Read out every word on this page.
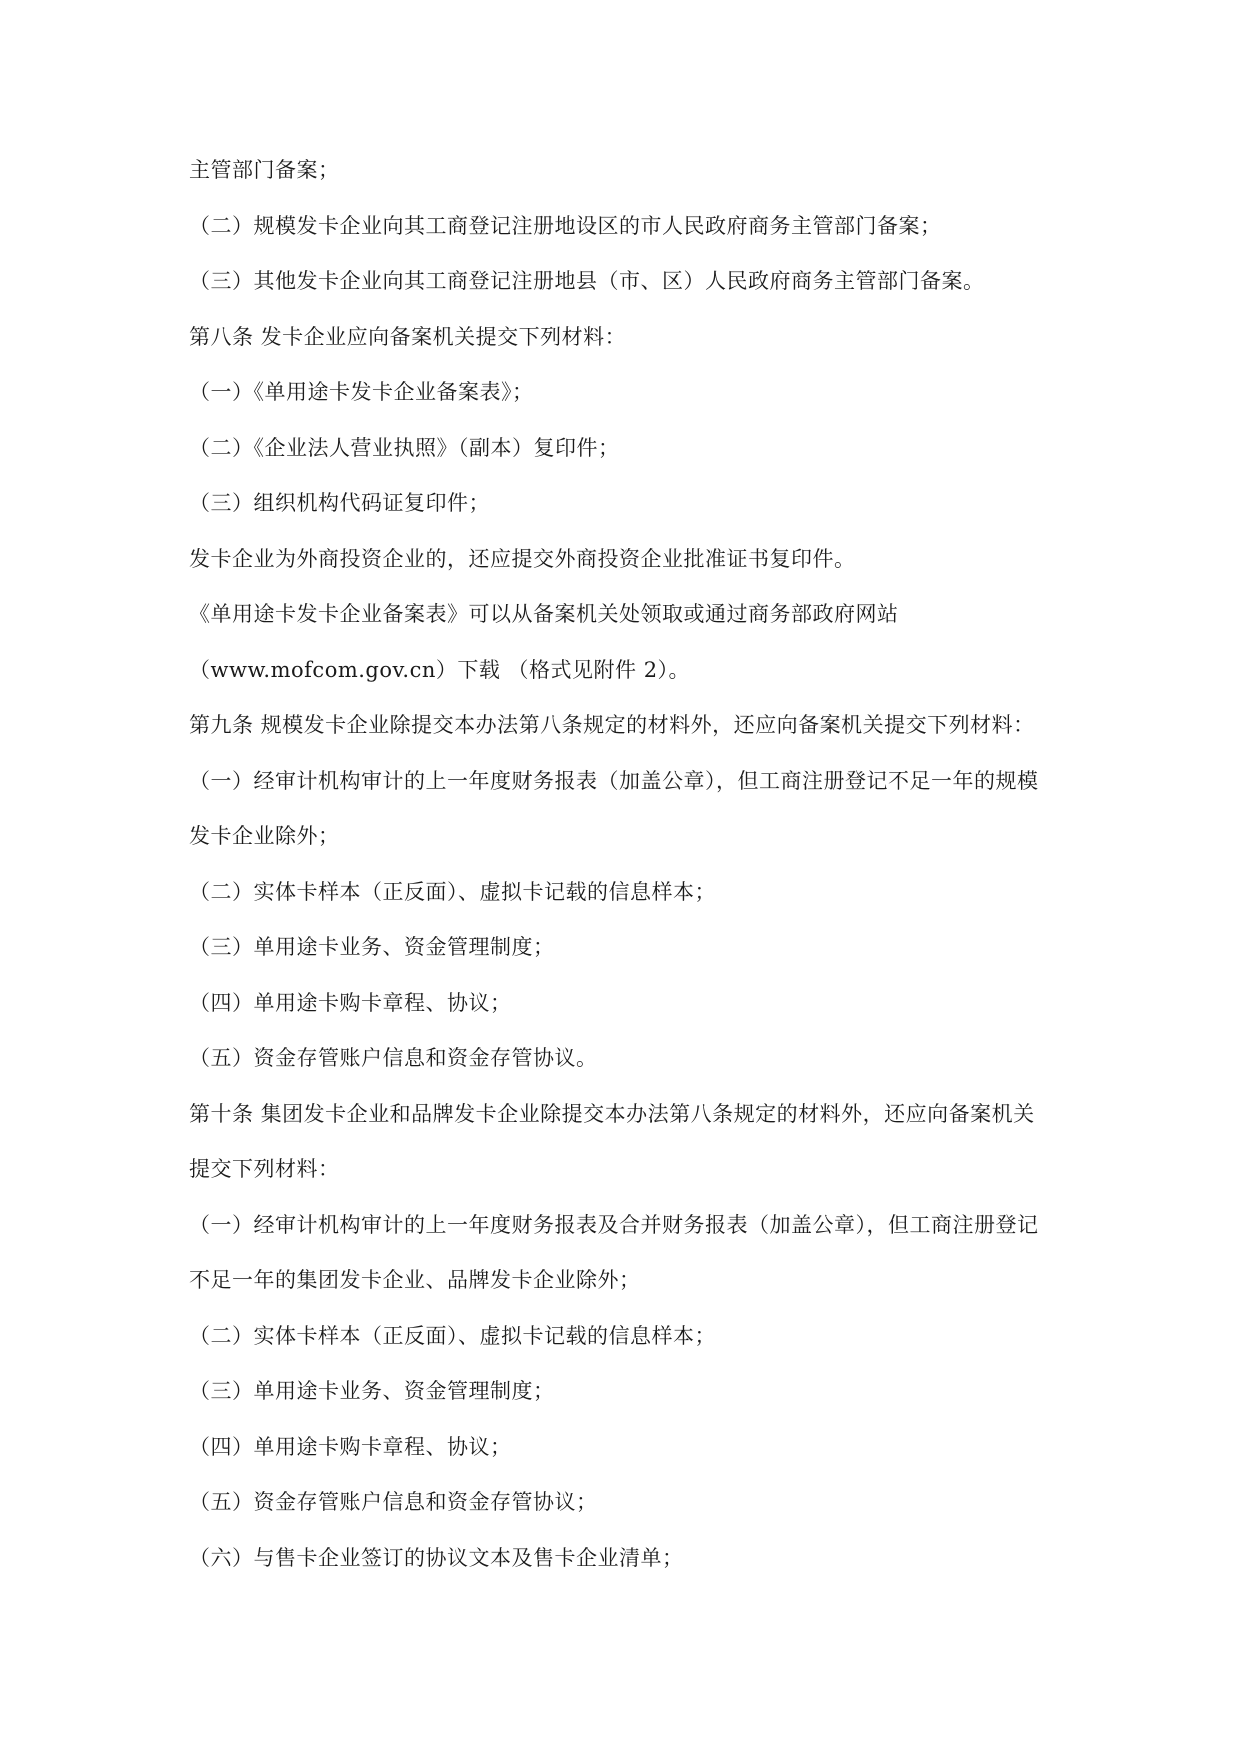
主管部门备案；
（二）规模发卡企业向其工商登记注册地设区的市人民政府商务主管部门备案；
（三）其他发卡企业向其工商登记注册地县（市、区）人民政府商务主管部门备案。
第八条 发卡企业应向备案机关提交下列材料：
（一）《单用途卡发卡企业备案表》；
（二）《企业法人营业执照》（副本）复印件；
（三）组织机构代码证复印件；
发卡企业为外商投资企业的，还应提交外商投资企业批准证书复印件。
《单用途卡发卡企业备案表》可以从备案机关处领取或通过商务部政府网站
（www.mofcom.gov.cn）下载 （格式见附件 2）。
第九条 规模发卡企业除提交本办法第八条规定的材料外，还应向备案机关提交下列材料：
（一）经审计机构审计的上一年度财务报表（加盖公章），但工商注册登记不足一年的规模
发卡企业除外；
（二）实体卡样本（正反面）、虚拟卡记载的信息样本；
（三）单用途卡业务、资金管理制度；
（四）单用途卡购卡章程、协议；
（五）资金存管账户信息和资金存管协议。
第十条 集团发卡企业和品牌发卡企业除提交本办法第八条规定的材料外，还应向备案机关
提交下列材料：
（一）经审计机构审计的上一年度财务报表及合并财务报表（加盖公章），但工商注册登记
不足一年的集团发卡企业、品牌发卡企业除外；
（二）实体卡样本（正反面）、虚拟卡记载的信息样本；
（三）单用途卡业务、资金管理制度；
（四）单用途卡购卡章程、协议；
（五）资金存管账户信息和资金存管协议；
（六）与售卡企业签订的协议文本及售卡企业清单；
